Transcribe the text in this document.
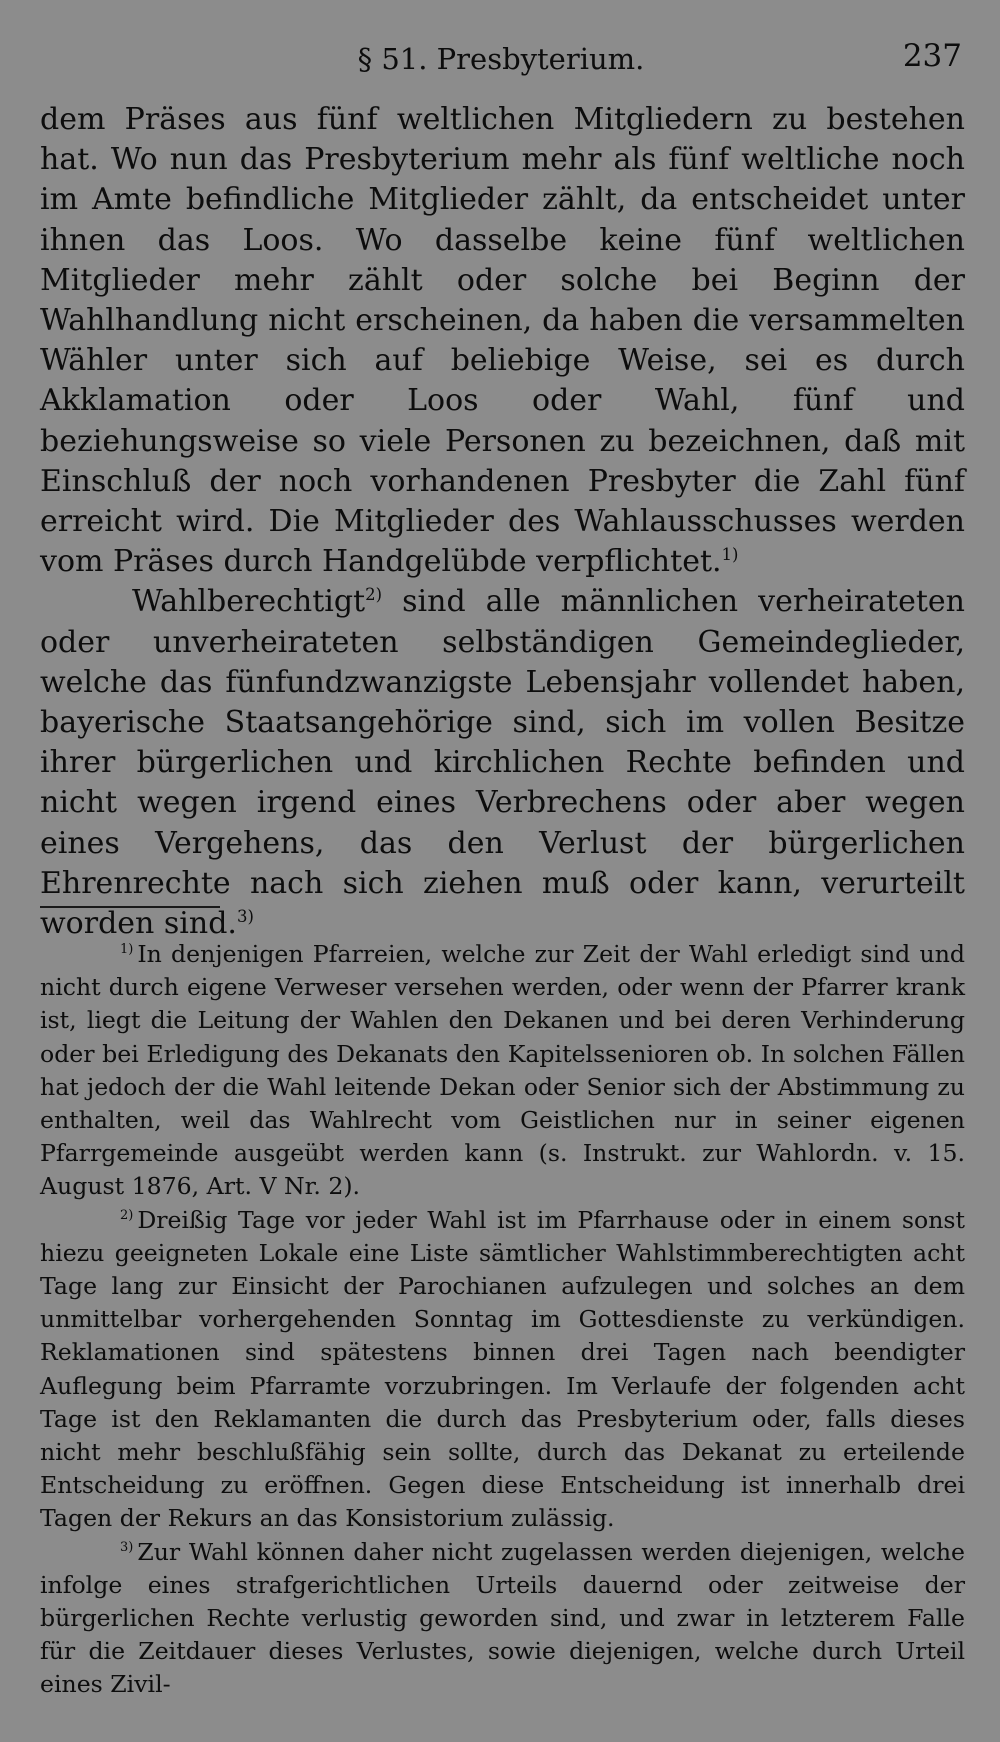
§ 51. Presbyterium.	237

dem Präses aus fünf weltlichen Mitgliedern zu bestehen hat. Wo nun das Presbyterium mehr als fünf weltliche noch im Amte befindliche Mitglieder zählt, da entscheidet unter ihnen das Loos. Wo dasselbe keine fünf weltlichen Mitglieder mehr zählt oder solche bei Beginn der Wahlhandlung nicht erscheinen, da haben die versammelten Wähler unter sich auf beliebige Weise, sei es durch Akklamation oder Loos oder Wahl, fünf und beziehungsweise so viele Personen zu bezeichnen, daß mit Einschluß der noch vorhandenen Presbyter die Zahl fünf erreicht wird. Die Mitglieder des Wahlausschusses werden vom Präses durch Handgelübde verpflichtet.$^{1)}$

Wahlberechtigt$^{2)}$ sind alle männlichen verheirateten oder unverheirateten selbständigen Gemeindeglieder, welche das fünfundzwanzigste Lebensjahr vollendet haben, bayerische Staatsangehörige sind, sich im vollen Besitze ihrer bürgerlichen und kirchlichen Rechte befinden und nicht wegen irgend eines Verbrechens oder aber wegen eines Vergehens, das den Verlust der bürgerlichen Ehrenrechte nach sich ziehen muß oder kann, verurteilt worden sind.$^{3)}$

$^{1)}$ In denjenigen Pfarreien, welche zur Zeit der Wahl erledigt sind und nicht durch eigene Verweser versehen werden, oder wenn der Pfarrer krank ist, liegt die Leitung der Wahlen den Dekanen und bei deren Verhinderung oder bei Erledigung des Dekanats den Kapitelssenioren ob. In solchen Fällen hat jedoch der die Wahl leitende Dekan oder Senior sich der Abstimmung zu enthalten, weil das Wahlrecht vom Geistlichen nur in seiner eigenen Pfarrgemeinde ausgeübt werden kann (s. Instrukt. zur Wahlordn. v. 15. August 1876, Art. V Nr. 2).

$^{2)}$ Dreißig Tage vor jeder Wahl ist im Pfarrhause oder in einem sonst hiezu geeigneten Lokale eine Liste sämtlicher Wahlstimmberechtigten acht Tage lang zur Einsicht der Parochianen aufzulegen und solches an dem unmittelbar vorhergehenden Sonntag im Gottesdienste zu verkündigen. Reklamationen sind spätestens binnen drei Tagen nach beendigter Auflegung beim Pfarramte vorzubringen. Im Verlaufe der folgenden acht Tage ist den Reklamanten die durch das Presbyterium oder, falls dieses nicht mehr beschlußfähig sein sollte, durch das Dekanat zu erteilende Entscheidung zu eröffnen. Gegen diese Entscheidung ist innerhalb drei Tagen der Rekurs an das Konsistorium zulässig.

$^{3)}$ Zur Wahl können daher nicht zugelassen werden diejenigen, welche infolge eines strafgerichtlichen Urteils dauernd oder zeitweise der bürgerlichen Rechte verlustig geworden sind, und zwar in letzterem Falle für die Zeitdauer dieses Verlustes, sowie diejenigen, welche durch Urteil eines Zivil-
